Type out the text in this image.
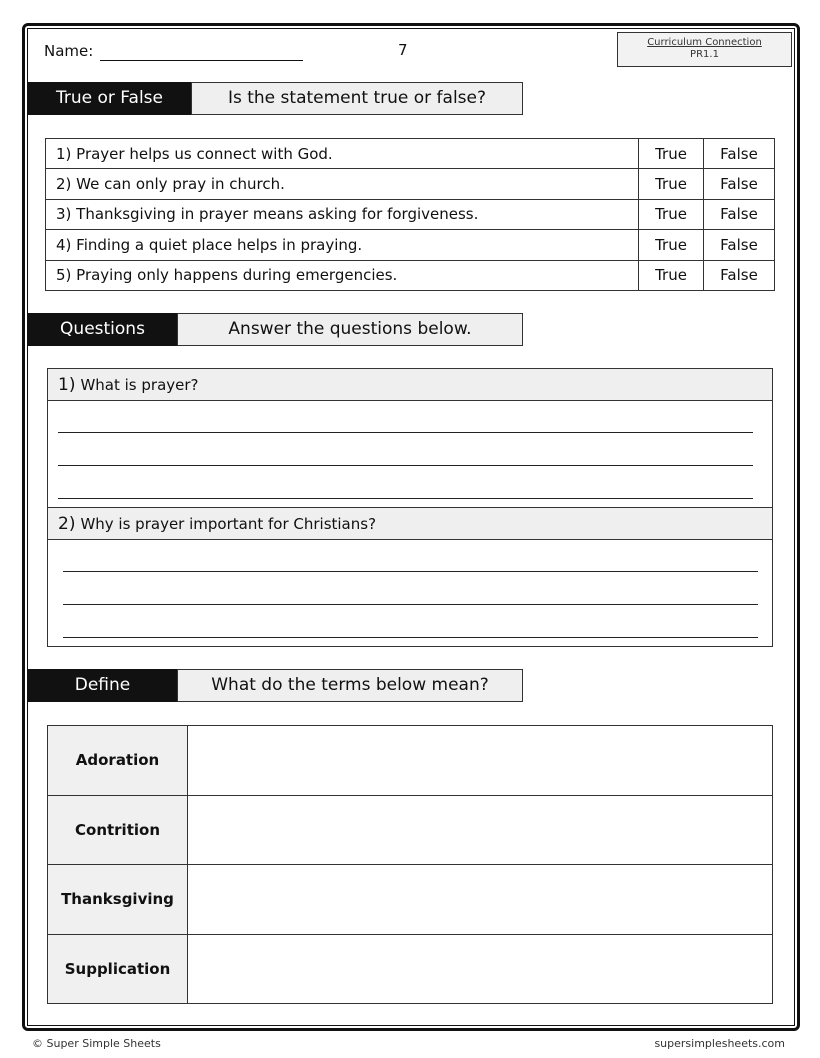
Name:	7	Curriculum Connection
PR1.1
True or False	Is the statement true or false?
1) Prayer helps us connect with God.	True	False
2) We can only pray in church.	True	False
3) Thanksgiving in prayer means asking for forgiveness.	True	False
4) Finding a quiet place helps in praying.	True	False
5) Praying only happens during emergencies.	True	False
Questions	Answer the questions below.
1) What is prayer?
2) Why is prayer important for Christians?
Define	What do the terms below mean?
Adoration	
Contrition	
Thanksgiving	
Supplication	
© Super Simple Sheets	supersimplesheets.com
